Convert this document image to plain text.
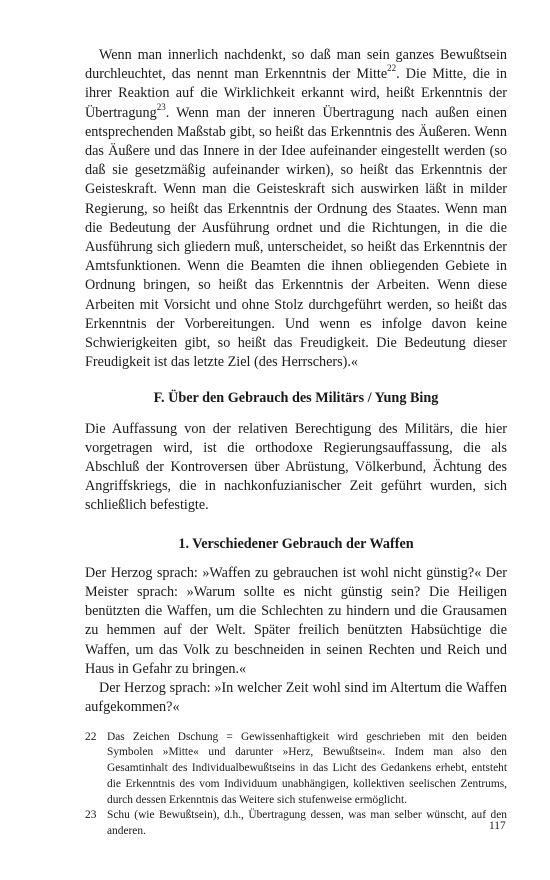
Wenn man innerlich nachdenkt, so daß man sein ganzes Bewußtsein durchleuchtet, das nennt man Erkenntnis der Mitte$^{22}$. Die Mitte, die in ihrer Reaktion auf die Wirklichkeit erkannt wird, heißt Erkenntnis der Übertragung$^{23}$. Wenn man der inneren Übertragung nach außen einen entsprechenden Maßstab gibt, so heißt das Erkenntnis des Äußeren. Wenn das Äußere und das Innere in der Idee aufeinander eingestellt werden (so daß sie gesetzmäßig aufeinander wirken), so heißt das Erkenntnis der Geisteskraft. Wenn man die Geisteskraft sich auswirken läßt in milder Regierung, so heißt das Erkenntnis der Ordnung des Staates. Wenn man die Bedeutung der Ausführung ordnet und die Richtungen, in die die Ausführung sich gliedern muß, unterscheidet, so heißt das Erkenntnis der Amtsfunktionen. Wenn die Beamten die ihnen obliegenden Gebiete in Ordnung bringen, so heißt das Erkenntnis der Arbeiten. Wenn diese Arbeiten mit Vorsicht und ohne Stolz durchgeführt werden, so heißt das Erkenntnis der Vorbereitungen. Und wenn es infolge davon keine Schwierigkeiten gibt, so heißt das Freudigkeit. Die Bedeutung dieser Freudigkeit ist das letzte Ziel (des Herrschers).«

F. Über den Gebrauch des Militärs / Yung Bing

Die Auffassung von der relativen Berechtigung des Militärs, die hier vorgetragen wird, ist die orthodoxe Regierungsauffassung, die als Abschluß der Kontroversen über Abrüstung, Völkerbund, Ächtung des Angriffskriegs, die in nachkonfuzianischer Zeit geführt wurden, sich schließlich befestigte.

1. Verschiedener Gebrauch der Waffen

Der Herzog sprach: »Waffen zu gebrauchen ist wohl nicht günstig?« Der Meister sprach: »Warum sollte es nicht günstig sein? Die Heiligen benützten die Waffen, um die Schlechten zu hindern und die Grausamen zu hemmen auf der Welt. Später freilich benützten Habsüchtige die Waffen, um das Volk zu beschneiden in seinen Rechten und Reich und Haus in Gefahr zu bringen.«

Der Herzog sprach: »In welcher Zeit wohl sind im Altertum die Waffen aufgekommen?«

22 Das Zeichen Dschung = Gewissenhaftigkeit wird geschrieben mit den beiden Symbolen »Mitte« und darunter »Herz, Bewußtsein«. Indem man also den Gesamtinhalt des Individualbewußtseins in das Licht des Gedankens erhebt, entsteht die Erkenntnis des vom Individuum unabhängigen, kollektiven seelischen Zentrums, durch dessen Erkenntnis das Weitere sich stufenweise ermöglicht.
23 Schu (wie Bewußtsein), d.h., Übertragung dessen, was man selber wünscht, auf den anderen.	117
